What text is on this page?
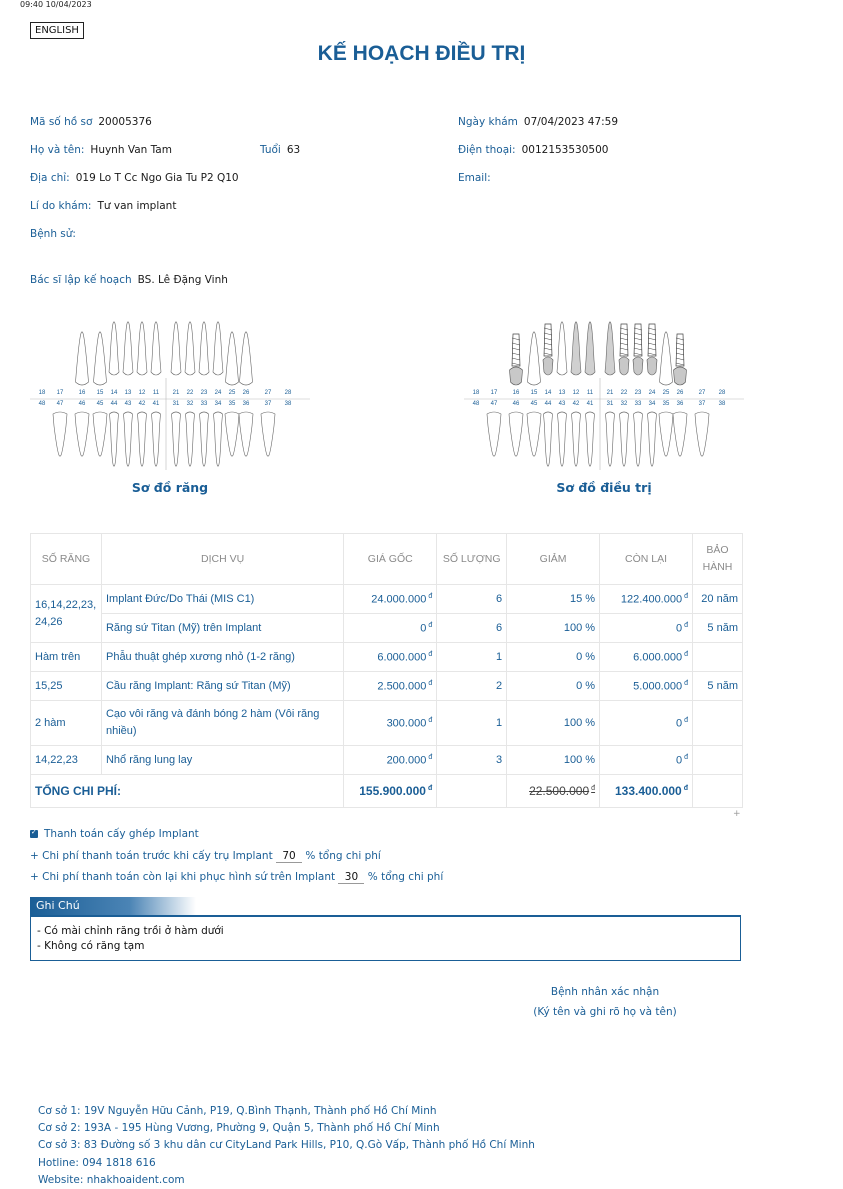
09:40 10/04/2023
ENGLISH
KẾ HOẠCH ĐIỀU TRỊ
Mã số hồ sơ 20005376	Ngày khám 07/04/2023 47:59
Họ và tên: Huynh Van Tam	Tuổi 63	Điện thoại: 0012153530500
Địa chỉ: 019 Lo T Cc Ngo Gia Tu P2 Q10	Email:
Lí do khám: Tư van implant
Bệnh sử:
Bác sĩ lập kế hoạch BS. Lê Đặng Vinh
18
48
17
47
16
46
15
45
14
44
13
43
12
42
11
41
21
31
22
32
23
33
24
34
25
35
26
36
27
37
28
38
Sơ đồ răng
18
48
17
47
16
46
15
45
14
44
13
43
12
42
11
41
21
31
22
32
23
33
24
34
25
35
26
36
27
37
28
38
Sơ đồ điều trị
SỐ RĂNG	DỊCH VỤ	GIÁ GỐC	SỐ LƯỢNG	GIẢM	CÒN LẠI	BẢO HÀNH
16,14,22,23, 24,26	Implant Đức/Do Thái (MIS C1)	24.000.000 $^đ$	6	15 %	122.400.000 $^đ$	20 năm
	Răng sứ Titan (Mỹ) trên Implant	0 $^đ$	6	100 %	0 $^đ$	5 năm
Hàm trên	Phẫu thuật ghép xương nhỏ (1-2 răng)	6.000.000 $^đ$	1	0 %	6.000.000 $^đ$	
15,25	Cầu răng Implant: Răng sứ Titan (Mỹ)	2.500.000 $^đ$	2	0 %	5.000.000 $^đ$	5 năm
2 hàm	Cạo vôi răng và đánh bóng 2 hàm (Vôi răng nhiều)	300.000 $^đ$	1	100 %	0 $^đ$	
14,22,23	Nhổ răng lung lay	200.000 $^đ$	3	100 %	0 $^đ$	
TỔNG CHI PHÍ:		155.900.000 $^đ$		22.500.000 $^đ$	133.400.000 $^đ$	
+
✓Thanh toán cấy ghép Implant
+ Chi phí thanh toán trước khi cấy trụ Implant 70 % tổng chi phí
+ Chi phí thanh toán còn lại khi phục hình sứ trên Implant 30 % tổng chi phí
Ghi Chú
- Có mài chỉnh răng trồi ở hàm dưới
- Không có răng tạm
Bệnh nhân xác nhận
(Ký tên và ghi rõ họ và tên)
Cơ sở 1: 19V Nguyễn Hữu Cảnh, P19, Q.Bình Thạnh, Thành phố Hồ Chí Minh
Cơ sở 2: 193A - 195 Hùng Vương, Phường 9, Quận 5, Thành phố Hồ Chí Minh
Cơ sở 3: 83 Đường số 3 khu dân cư CityLand Park Hills, P10, Q.Gò Vấp, Thành phố Hồ Chí Minh
Hotline: 094 1818 616
Website: nhakhoaident.com
